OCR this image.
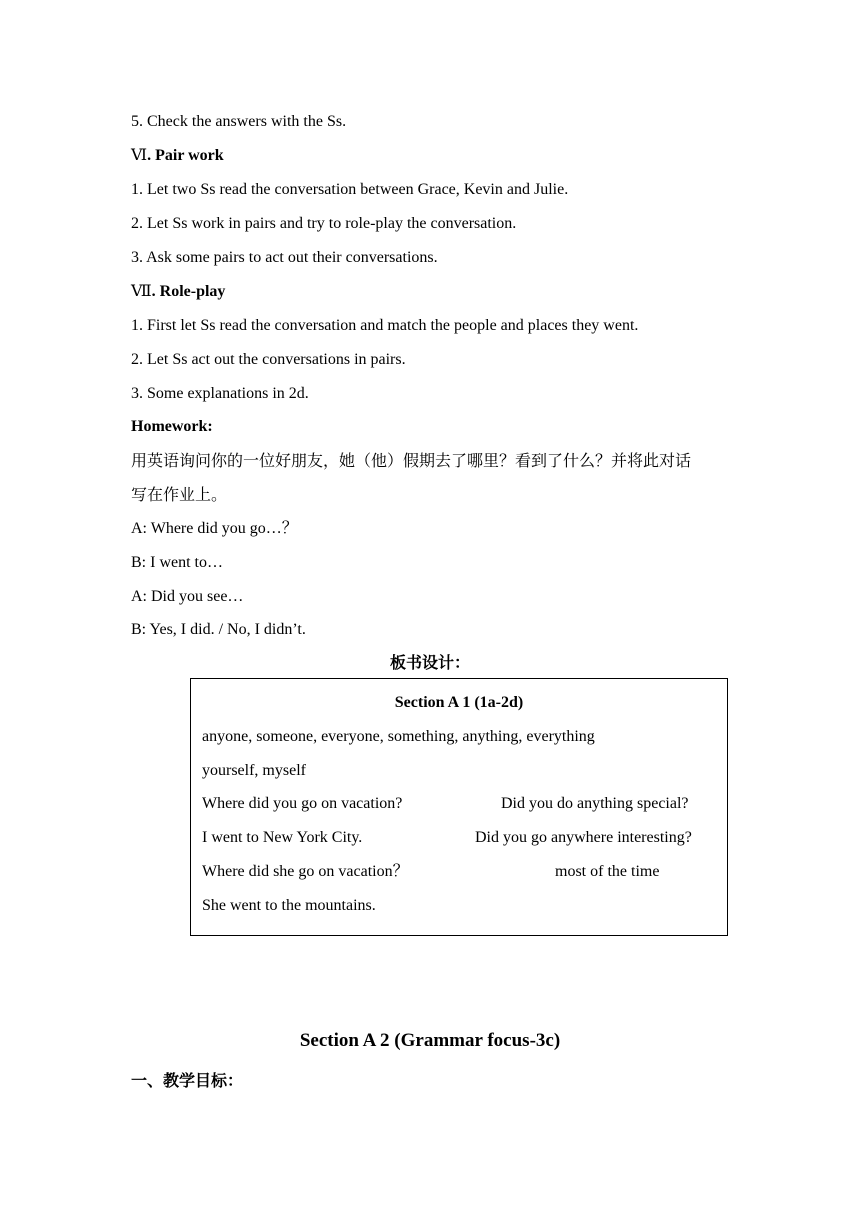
5. Check the answers with the Ss.
Ⅵ. Pair work
1. Let two Ss read the conversation between Grace, Kevin and Julie.
2. Let Ss work in pairs and try to role-play the conversation.
3. Ask some pairs to act out their conversations.
Ⅶ. Role-play
1. First let Ss read the conversation and match the people and places they went.
2. Let Ss act out the conversations in pairs.
3. Some explanations in 2d.
Homework:
用英语询问你的一位好朋友，她（他）假期去了哪里？看到了什么？并将此对话
写在作业上。
A: Where did you go…？
B: I went to…
A: Did you see…
B: Yes, I did. / No, I didn’t.
板书设计：
Section A 1 (1a-2d)
anyone, someone, everyone, something, anything, everything
yourself, myself
Where did you go on vacation?
I went to New York City.
Where did she go on vacation？
She went to the mountains.
Did you do anything special?
Did you go anywhere interesting?
most of the time
Section A 2 (Grammar focus-3c)
一、教学目标：
